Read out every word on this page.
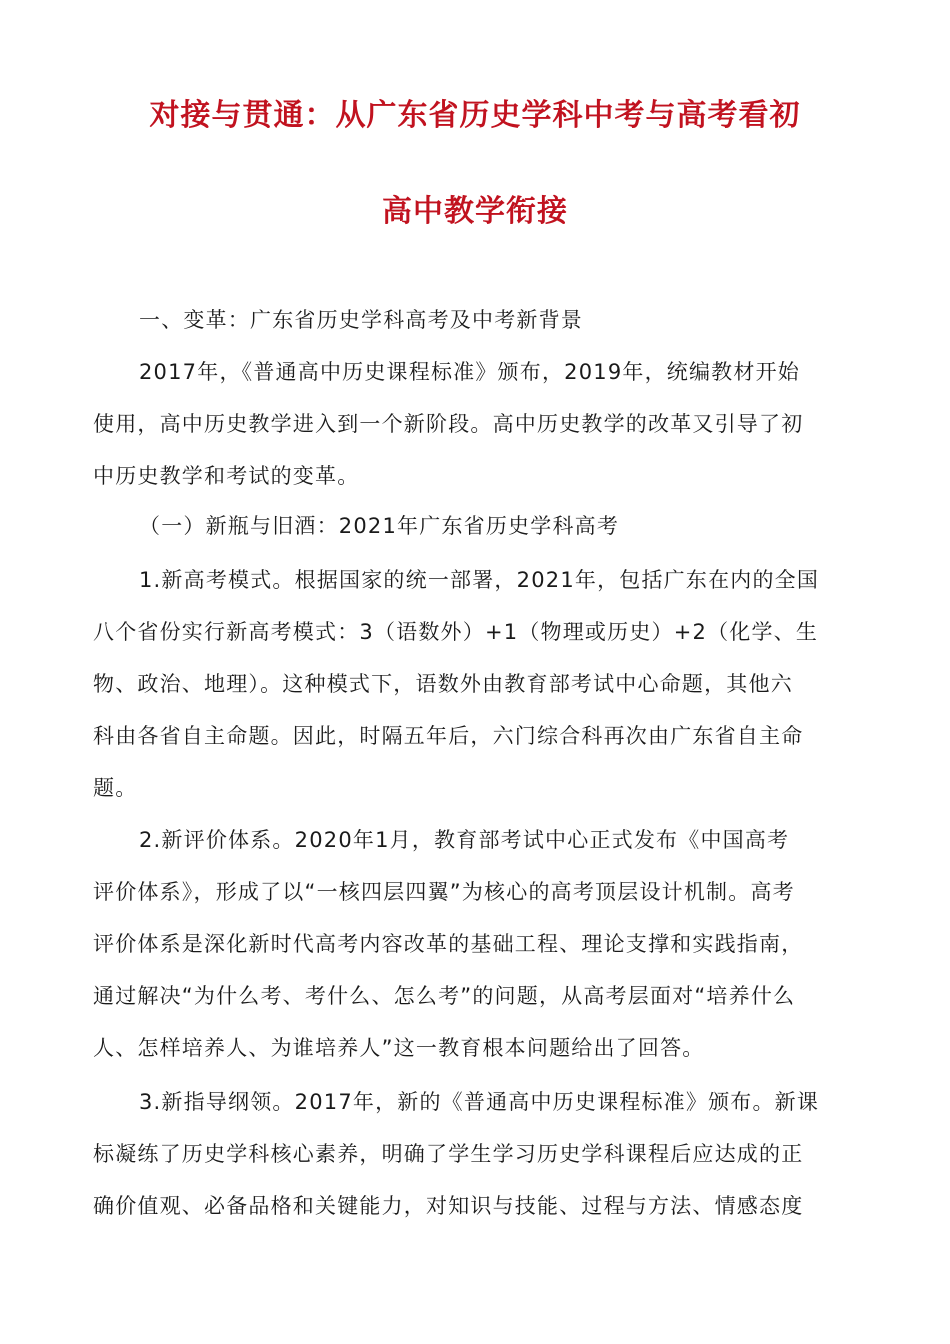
对接与贯通：从广东省历史学科中考与高考看初
高中教学衔接
一、变革：广东省历史学科高考及中考新背景
2017年，《普通高中历史课程标准》颁布，2019年，统编教材开始
使用，高中历史教学进入到一个新阶段。高中历史教学的改革又引导了初
中历史教学和考试的变革。
（一）新瓶与旧酒：2021年广东省历史学科高考
1.新高考模式。根据国家的统一部署，2021年，包括广东在内的全国
八个省份实行新高考模式：3（语数外）+1（物理或历史）+2（化学、生
物、政治、地理）。这种模式下，语数外由教育部考试中心命题，其他六
科由各省自主命题。因此，时隔五年后，六门综合科再次由广东省自主命
题。
2.新评价体系。2020年1月，教育部考试中心正式发布《中国高考
评价体系》，形成了以“一核四层四翼”为核心的高考顶层设计机制。高考
评价体系是深化新时代高考内容改革的基础工程、理论支撑和实践指南，
通过解决“为什么考、考什么、怎么考”的问题，从高考层面对“培养什么
人、怎样培养人、为谁培养人”这一教育根本问题给出了回答。
3.新指导纲领。2017年，新的《普通高中历史课程标准》颁布。新课
标凝练了历史学科核心素养，明确了学生学习历史学科课程后应达成的正
确价值观、必备品格和关键能力，对知识与技能、过程与方法、情感态度
